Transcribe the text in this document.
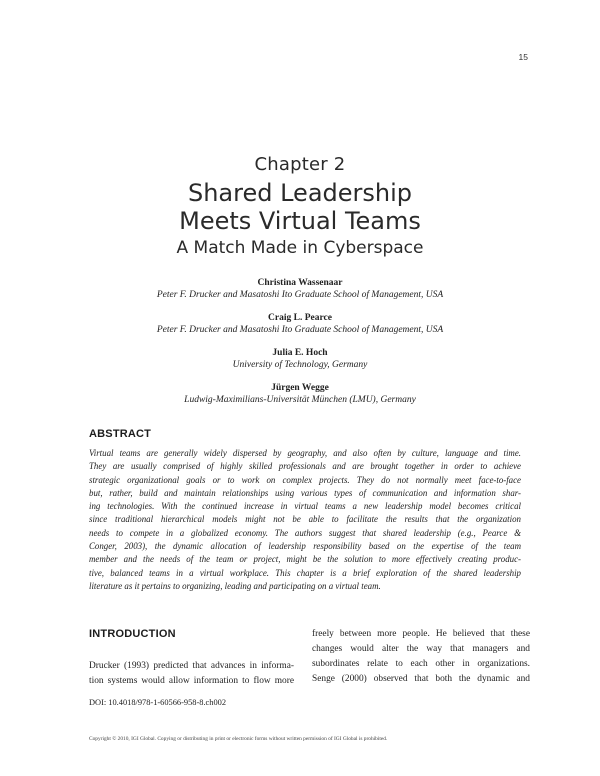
15
Chapter 2
Shared Leadership
Meets Virtual Teams
A Match Made in Cyberspace
Christina Wassenaar
Peter F. Drucker and Masatoshi Ito Graduate School of Management, USA
Craig L. Pearce
Peter F. Drucker and Masatoshi Ito Graduate School of Management, USA
Julia E. Hoch
University of Technology, Germany
Jürgen Wegge
Ludwig-Maximilians-Universität München (LMU), Germany
ABSTRACT
Virtual teams are generally widely dispersed by geography, and also often by culture, language and time.
They are usually comprised of highly skilled professionals and are brought together in order to achieve
strategic organizational goals or to work on complex projects. They do not normally meet face-to-face
but, rather, build and maintain relationships using various types of communication and information shar-
ing technologies. With the continued increase in virtual teams a new leadership model becomes critical
since traditional hierarchical models might not be able to facilitate the results that the organization
needs to compete in a globalized economy. The authors suggest that shared leadership (e.g., Pearce &
Conger, 2003), the dynamic allocation of leadership responsibility based on the expertise of the team
member and the needs of the team or project, might be the solution to more effectively creating produc-
tive, balanced teams in a virtual workplace. This chapter is a brief exploration of the shared leadership
literature as it pertains to organizing, leading and participating on a virtual team.
INTRODUCTION
Drucker (1993) predicted that advances in informa-
tion systems would allow information to flow more
freely between more people. He believed that these
changes would alter the way that managers and
subordinates relate to each other in organizations.
Senge (2000) observed that both the dynamic and
DOI: 10.4018/978-1-60566-958-8.ch002
Copyright © 2010, IGI Global. Copying or distributing in print or electronic forms without written permission of IGI Global is prohibited.
